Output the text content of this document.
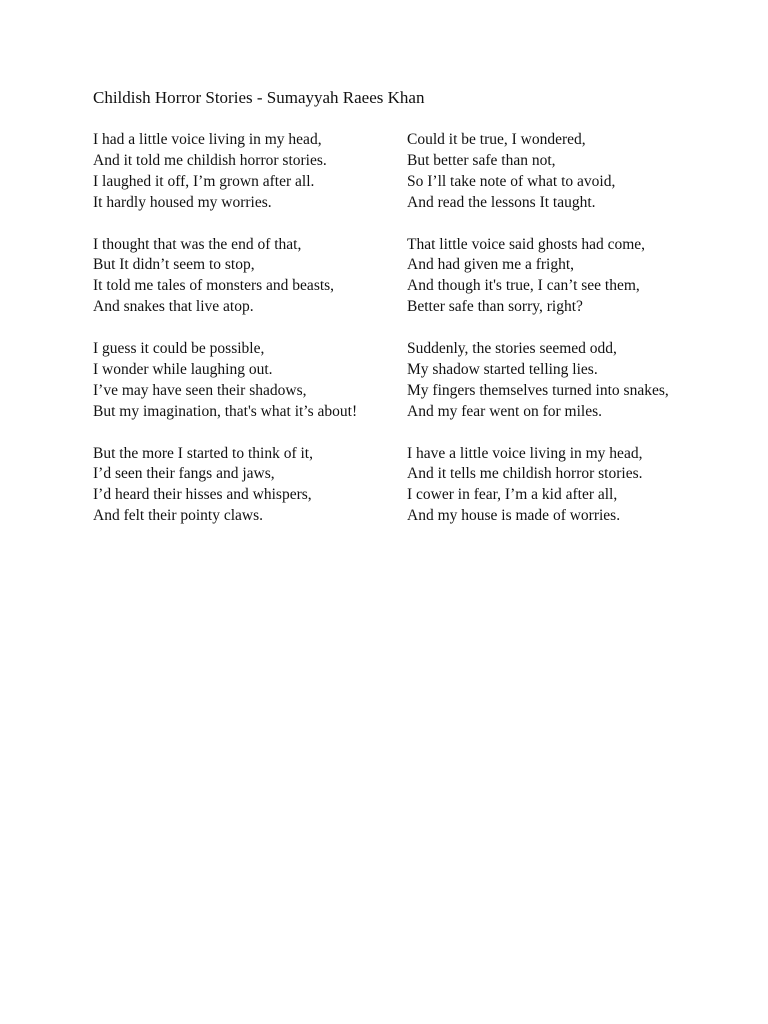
Childish Horror Stories - Sumayyah Raees Khan
I had a little voice living in my head,
And it told me childish horror stories.
I laughed it off, I’m grown after all.
It hardly housed my worries.
I thought that was the end of that,
But It didn’t seem to stop,
It told me tales of monsters and beasts,
And snakes that live atop.
I guess it could be possible,
I wonder while laughing out.
I’ve may have seen their shadows,
But my imagination, that's what it’s about!
But the more I started to think of it,
I’d seen their fangs and jaws,
I’d heard their hisses and whispers,
And felt their pointy claws.
Could it be true, I wondered,
But better safe than not,
So I’ll take note of what to avoid,
And read the lessons It taught.
That little voice said ghosts had come,
And had given me a fright,
And though it's true, I can’t see them,
Better safe than sorry, right?
Suddenly, the stories seemed odd,
My shadow started telling lies.
My fingers themselves turned into snakes,
And my fear went on for miles.
I have a little voice living in my head,
And it tells me childish horror stories.
I cower in fear, I’m a kid after all,
And my house is made of worries.
